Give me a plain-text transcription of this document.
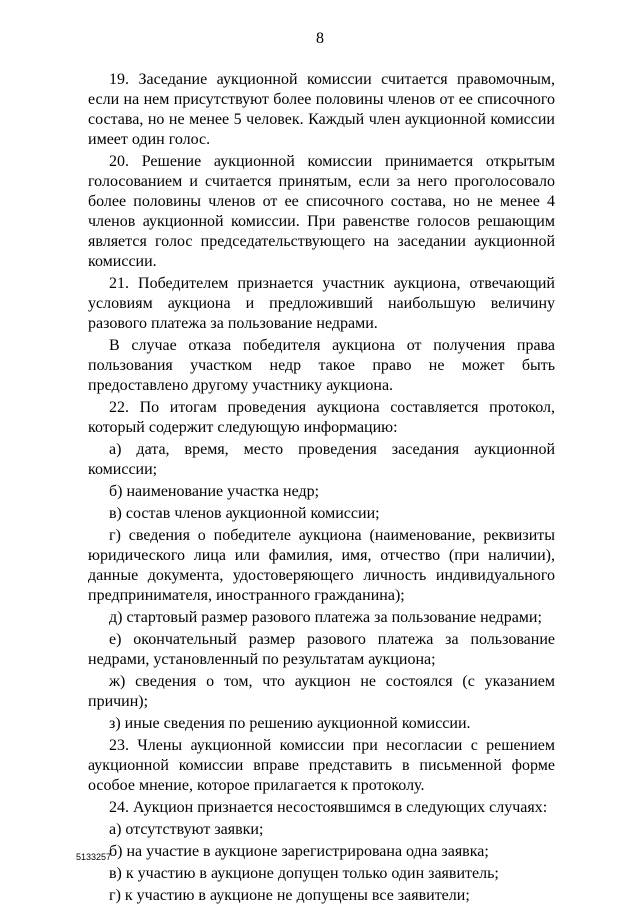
8

19. Заседание аукционной комиссии считается правомочным, если на нем присутствуют более половины членов от ее списочного состава, но не менее 5 человек. Каждый член аукционной комиссии имеет один голос.

20. Решение аукционной комиссии принимается открытым голосованием и считается принятым, если за него проголосовало более половины членов от ее списочного состава, но не менее 4 членов аукционной комиссии. При равенстве голосов решающим является голос председательствующего на заседании аукционной комиссии.

21. Победителем признается участник аукциона, отвечающий условиям аукциона и предложивший наибольшую величину разового платежа за пользование недрами.

В случае отказа победителя аукциона от получения права пользования участком недр такое право не может быть предоставлено другому участнику аукциона.

22. По итогам проведения аукциона составляется протокол, который содержит следующую информацию:

а) дата, время, место проведения заседания аукционной комиссии;

б) наименование участка недр;

в) состав членов аукционной комиссии;

г) сведения о победителе аукциона (наименование, реквизиты юридического лица или фамилия, имя, отчество (при наличии), данные документа, удостоверяющего личность индивидуального предпринимателя, иностранного гражданина);

д) стартовый размер разового платежа за пользование недрами;

е) окончательный размер разового платежа за пользование недрами, установленный по результатам аукциона;

ж) сведения о том, что аукцион не состоялся (с указанием причин);

з) иные сведения по решению аукционной комиссии.

23. Члены аукционной комиссии при несогласии с решением аукционной комиссии вправе представить в письменной форме особое мнение, которое прилагается к протоколу.

24. Аукцион признается несостоявшимся в следующих случаях:

а) отсутствуют заявки;

б) на участие в аукционе зарегистрирована одна заявка;

в) к участию в аукционе допущен только один заявитель;

г) к участию в аукционе не допущены все заявители;

5133257
